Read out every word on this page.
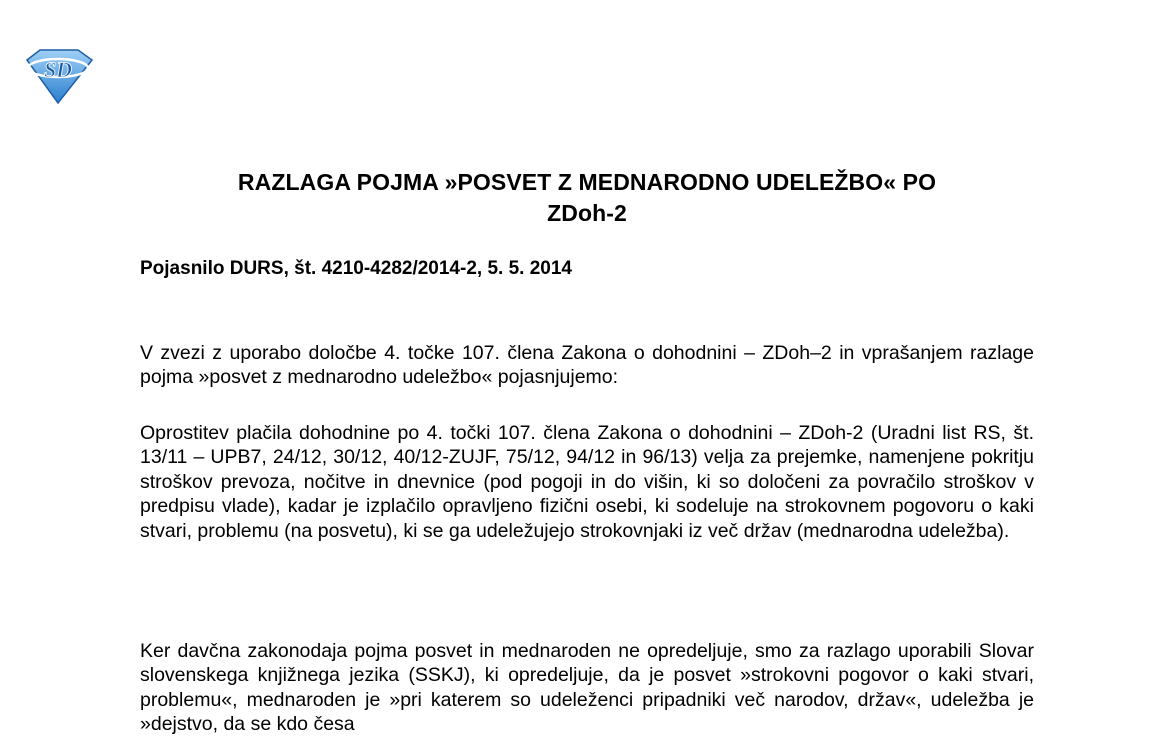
SD
RAZLAGA POJMA »POSVET Z MEDNARODNO UDELEŽBO« PO
ZDoh-2
Pojasnilo DURS, št. 4210-4282/2014-2, 5. 5. 2014

V zvezi z uporabo določbe 4. točke 107. člena Zakona o dohodnini – ZDoh–2 in vprašanjem razlage pojma »posvet z mednarodno udeležbo« pojasnjujemo:

Oprostitev plačila dohodnine po 4. točki 107. člena Zakona o dohodnini – ZDoh-2 (Uradni list RS, št. 13/11 – UPB7, 24/12, 30/12, 40/12-ZUJF, 75/12, 94/12 in 96/13) velja za prejemke, namenjene pokritju stroškov prevoza, nočitve in dnevnice (pod pogoji in do višin, ki so določeni za povračilo stroškov v predpisu vlade), kadar je izplačilo opravljeno fizični osebi, ki sodeluje na strokovnem pogovoru o kaki stvari, problemu (na posvetu), ki se ga udeležujejo strokovnjaki iz več držav (mednarodna udeležba).

Ker davčna zakonodaja pojma posvet in mednaroden ne opredeljuje, smo za razlago uporabili Slovar slovenskega knjižnega jezika (SSKJ), ki opredeljuje, da je posvet »strokovni pogovor o kaki stvari, problemu«, mednaroden je »pri katerem so udeleženci pripadniki več narodov, držav«, udeležba je »dejstvo, da se kdo česa
